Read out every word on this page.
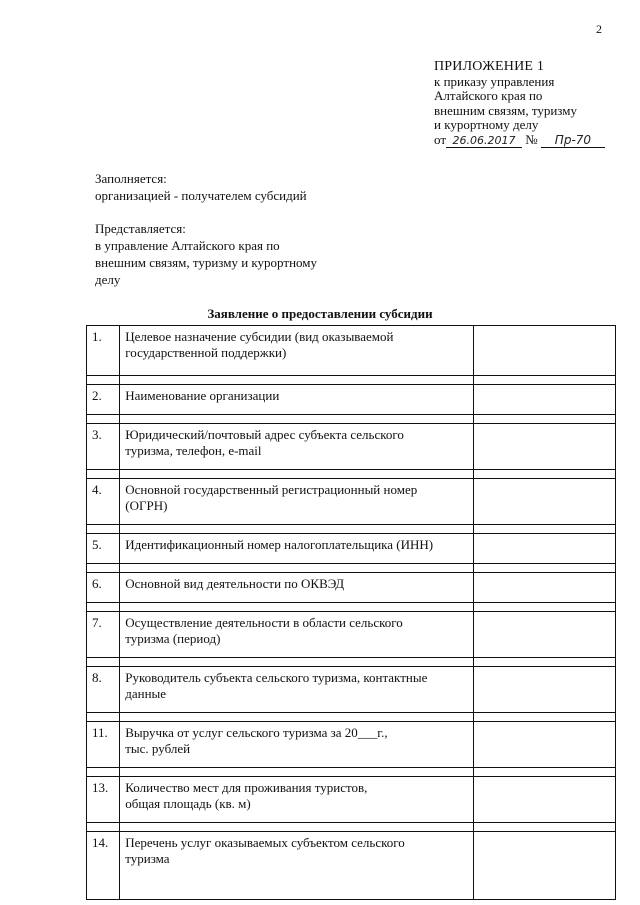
2
ПРИЛОЖЕНИЕ 1
к приказу управления
Алтайского края по
внешним связям, туризму
и курортному делу
от 26.06.2017 № Пр-70
Заполняется:
организацией - получателем субсидий
Представляется:
в управление Алтайского края по
внешним связям, туризму и курортному
делу
Заявление о предоставлении субсидии
1.	Целевое назначение субсидии (вид оказываемой
государственной поддержки)	

2.	Наименование организации	

3.	Юридический/почтовый адрес субъекта сельского
туризма, телефон, e-mail	

4.	Основной государственный регистрационный номер
(ОГРН)	

5.	Идентификационный номер налогоплательщика (ИНН)	

6.	Основной вид деятельности по ОКВЭД	

7.	Осуществление деятельности в области сельского
туризма (период)	

8.	Руководитель субъекта сельского туризма, контактные
данные	

11.	Выручка от услуг сельского туризма за 20___г.,
тыс. рублей	

13.	Количество мест для проживания туристов,
общая площадь (кв. м)	

14.	Перечень услуг оказываемых субъектом сельского
туризма	
